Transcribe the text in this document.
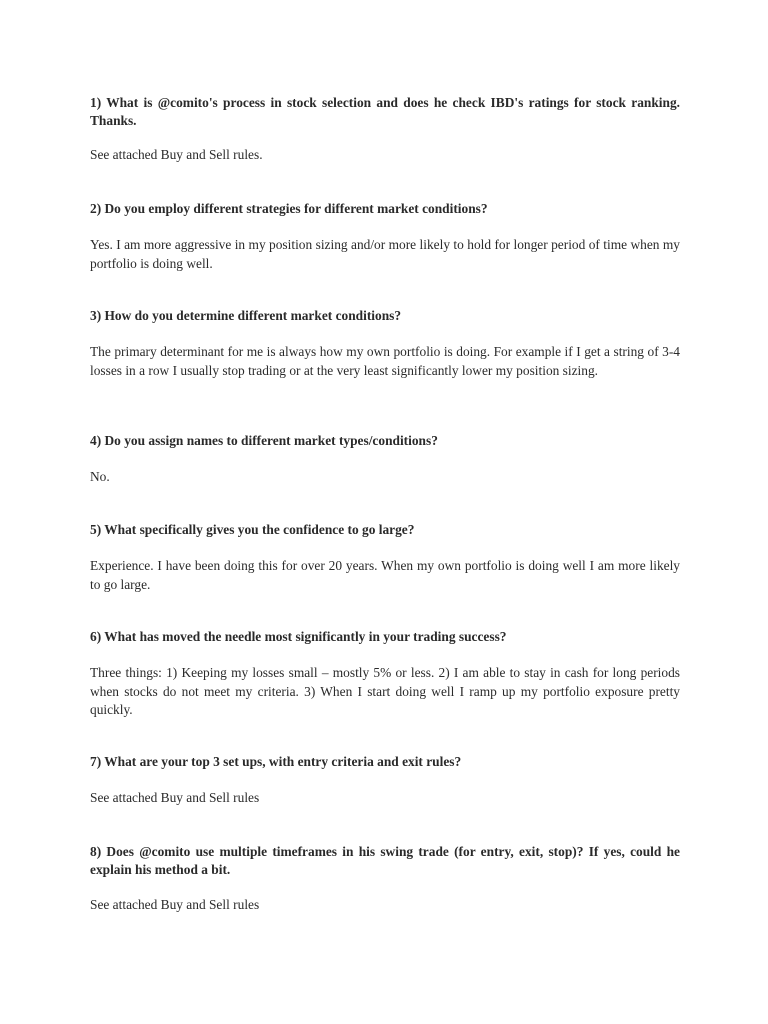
1) What is @comito's process in stock selection and does he check IBD's ratings for stock ranking. Thanks.

See attached Buy and Sell rules.

2) Do you employ different strategies for different market conditions?

Yes. I am more aggressive in my position sizing and/or more likely to hold for longer period of time when my portfolio is doing well.

3) How do you determine different market conditions?

The primary determinant for me is always how my own portfolio is doing. For example if I get a string of 3-4 losses in a row I usually stop trading or at the very least significantly lower my position sizing.

4) Do you assign names to different market types/conditions?

No.

5) What specifically gives you the confidence to go large?

Experience. I have been doing this for over 20 years. When my own portfolio is doing well I am more likely to go large.

6) What has moved the needle most significantly in your trading success?

Three things: 1) Keeping my losses small – mostly 5% or less. 2) I am able to stay in cash for long periods when stocks do not meet my criteria. 3) When I start doing well I ramp up my portfolio exposure pretty quickly.

7) What are your top 3 set ups, with entry criteria and exit rules?

See attached Buy and Sell rules

8) Does @comito use multiple timeframes in his swing trade (for entry, exit, stop)? If yes, could he explain his method a bit.

See attached Buy and Sell rules
